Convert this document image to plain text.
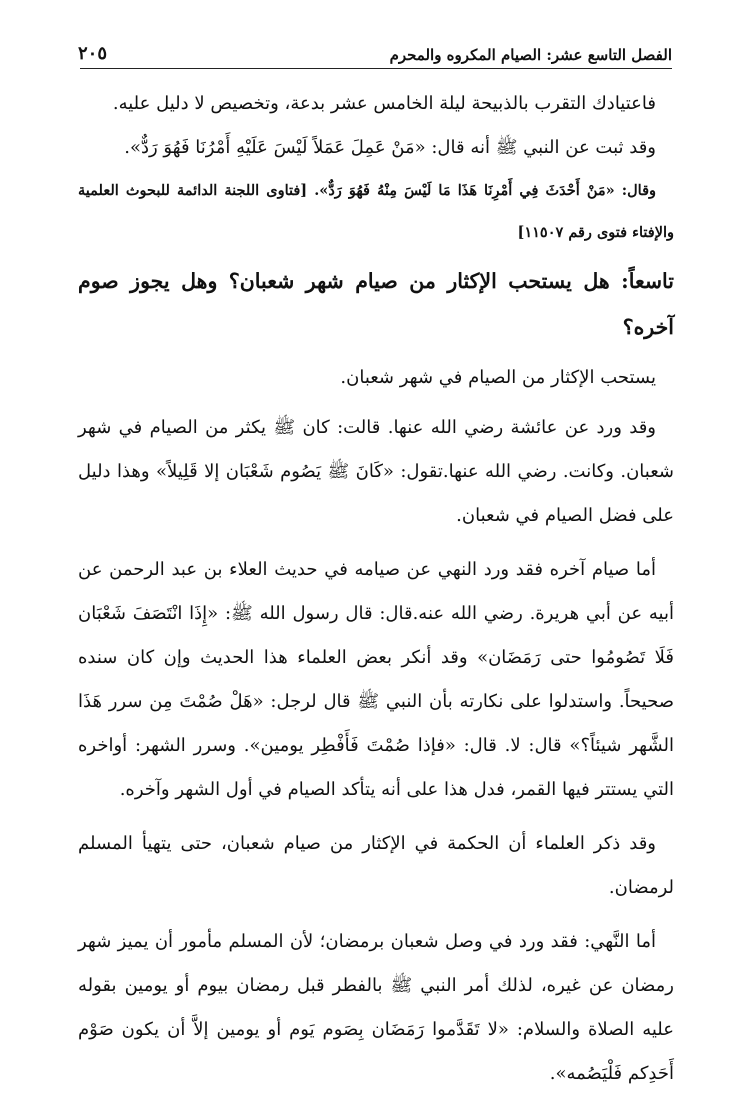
الفصل التاسع عشر: الصيام المكروه والمحرم
٢٠٥

فاعتيادك التقرب بالذبيحة ليلة الخامس عشر بدعة، وتخصيص لا دليل عليه.

وقد ثبت عن النبي ﷺ أنه قال: «مَنْ عَمِلَ عَمَلاً لَيْسَ عَلَيْهِ أَمْرُنَا فَهُوَ رَدٌّ».

وقال: «مَنْ أَحْدَثَ فِي أَمْرِنَا هَذَا مَا لَيْسَ مِنْهُ فَهُوَ رَدٌّ». [فتاوى اللجنة الدائمة للبحوث العلمية والإفتاء فتوى رقم ١١٥٠٧]

تاسعاً: هل يستحب الإكثار من صيام شهر شعبان؟ وهل يجوز صوم آخره؟

يستحب الإكثار من الصيام في شهر شعبان.

وقد ورد عن عائشة رضي الله عنها. قالت: كان ﷺ يكثر من الصيام في شهر شعبان. وكانت. رضي الله عنها.تقول: «كَانَ ﷺ يَصُوم شَعْبَان إلا قَلِيلاً» وهذا دليل على فضل الصيام في شعبان.

أما صيام آخره فقد ورد النهي عن صيامه في حديث العلاء بن عبد الرحمن عن أبيه عن أبي هريرة. رضي الله عنه.قال: قال رسول الله ﷺ: «إِذَا انْتَصَفَ شَعْبَان فَلَا تَصُومُوا حتى رَمَضَان» وقد أنكر بعض العلماء هذا الحديث وإن كان سنده صحيحاً. واستدلوا على نكارته بأن النبي ﷺ قال لرجل: «هَلْ صُمْتَ مِن سرر هَذَا الشَّهر شيئاً؟» قال: لا. قال: «فإذا صُمْتَ فَأَفْطِر يومين». وسرر الشهر: أواخره التي يستتر فيها القمر، فدل هذا على أنه يتأكد الصيام في أول الشهر وآخره.

وقد ذكر العلماء أن الحكمة في الإكثار من صيام شعبان، حتى يتهيأ المسلم لرمضان.

أما النَّهي: فقد ورد في وصل شعبان برمضان؛ لأن المسلم مأمور أن يميز شهر رمضان عن غيره، لذلك أمر النبي ﷺ بالفطر قبل رمضان بيوم أو يومين بقوله عليه الصلاة والسلام: «لا تَقَدَّموا رَمَضَان بِصَوم يَوم أو يومين إلاَّ أن يكون صَوْم أَحَدِكم فَلْيَصُمه».
